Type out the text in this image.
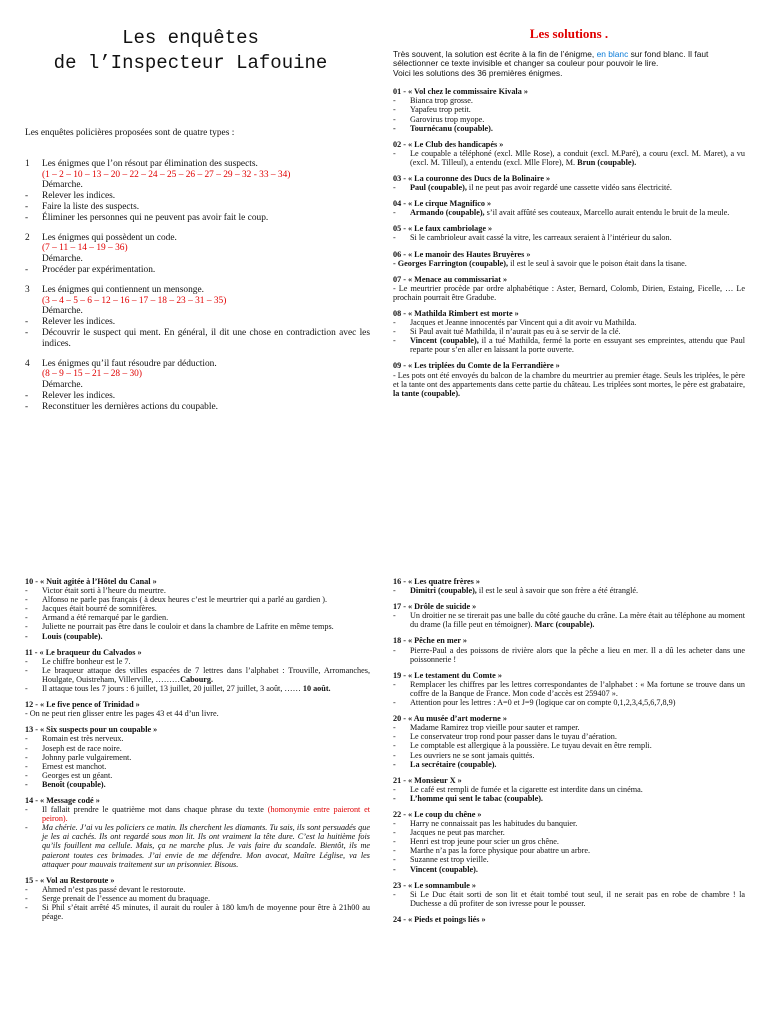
Les enquêtes
de l’Inspecteur Lafouine
Les enquêtes policières proposées sont de quatre types :
1	Les énigmes que l’on résout par élimination des suspects.
(1 – 2 – 10 – 13 – 20 – 22 – 24 – 25 – 26 – 27 – 29 – 32 - 33 – 34)
Démarche.
- Relever les indices.
- Faire la liste des suspects.
- Éliminer les personnes qui ne peuvent pas avoir fait le coup.
2	Les énigmes qui possèdent un code.
(7 – 11 – 14 – 19 – 36)
Démarche.
- Procéder par expérimentation.
3	Les énigmes qui contiennent un mensonge.
(3 – 4 – 5 – 6 – 12 – 16 – 17 – 18 – 23 – 31 – 35)
Démarche.
- Relever les indices.
- Découvrir le suspect qui ment. En général, il dit une chose en contradiction avec les indices.
4	Les énigmes qu’il faut résoudre par déduction.
(8 – 9 – 15 – 21 – 28 – 30)
Démarche.
- Relever les indices.
- Reconstituer les dernières actions du coupable.
Les solutions .
Très souvent, la solution est écrite à la fin de l’énigme, en blanc sur fond blanc. Il faut sélectionner ce texte invisible et changer sa couleur pour pouvoir le lire.
Voici les solutions des 36 premières énigmes.
01 - « Vol chez le commissaire Kivala »
- Bianca trop grosse.
- Yapafeu trop petit.
- Garovirus trop myope.
- Tournécanu (coupable).
02 - « Le Club des handicapés »
- Le coupable a téléphoné (excl. Mlle Rose), a conduit (excl. M.Paré), a couru (excl. M. Maret), a vu (excl. M. Tilleul), a entendu (excl. Mlle Flore), M. Brun (coupable).
03 - « La couronne des Ducs de la Bolinaire »
- Paul (coupable), il ne peut pas avoir regardé une cassette vidéo sans électricité.
04 - « Le cirque Magnifico »
- Armando (coupable), s’il avait affûté ses couteaux, Marcello aurait entendu le bruit de la meule.
05 - « Le faux cambriolage »
- Si le cambrioleur avait cassé la vitre, les carreaux seraient à l’intérieur du salon.
06 - « Le manoir des Hautes Bruyères »

- Georges Farrington (coupable), il est le seul à savoir que le poison était dans la tisane.

07 - « Menace au commissariat »

- Le meurtrier procède par ordre alphabétique : Aster, Bernard, Colomb, Dirien, Estaing, Ficelle, … Le prochain pourrait être Gradube.

08 - « Mathilda Rimbert est morte »
- Jacques et Jeanne innocentés par Vincent qui a dit avoir vu Mathilda.
- Si Paul avait tué Mathilda, il n’aurait pas eu à se servir de la clé.
- Vincent (coupable), il a tué Mathilda, fermé la porte en essuyant ses empreintes, attendu que Paul reparte pour s’en aller en laissant la porte ouverte.
09 - « Les triplées du Comte de la Ferrandière »

- Les pots ont été envoyés du balcon de la chambre du meurtrier au premier étage. Seuls les triplées, le père et la tante ont des appartements dans cette partie du château. Les triplées sont mortes, le père est grabataire, la tante (coupable).

10 - « Nuit agitée à l’Hôtel du Canal »
- Victor était sorti à l’heure du meurtre.
- Alfonso ne parle pas français ( à deux heures c’est le meurtrier qui a parlé au gardien ).
- Jacques était bourré de somnifères.
- Armand a été remarqué par le gardien.
- Juliette ne pourrait pas être dans le couloir et dans la chambre de Lafrite en même temps.
- Louis (coupable).
11 - « Le braqueur du Calvados »
- Le chiffre bonheur est le 7.
- Le braqueur attaque des villes espacées de 7 lettres dans l’alphabet : Trouville, Arromanches, Houlgate, Ouistreham, Villerville, ………Cabourg.
- Il attaque tous les 7 jours : 6 juillet, 13 juillet, 20 juillet, 27 juillet, 3 août, …… 10 août.
12 - « Le five pence of Trinidad »

- On ne peut rien glisser entre les pages 43 et 44 d’un livre.

13 - « Six suspects pour un coupable »
- Romain est très nerveux.
- Joseph est de race noire.
- Johnny parle vulgairement.
- Ernest est manchot.
- Georges est un géant.
- Benoît (coupable).
14 - « Message codé »
- Il fallait prendre le quatrième mot dans chaque phrase du texte (homonymie entre paieront et peiron).
- Ma chérie. J’ai vu les policiers ce matin. Ils cherchent les diamants. Tu sais, ils sont persuadés que je les ai cachés. Ils ont regardé sous mon lit. Ils ont vraiment la tête dure. C’est la huitième fois qu’ils fouillent ma cellule. Mais, ça ne marche plus. Je vais faire du scandale. Bientôt, ils me paieront toutes ces brimades. J’ai envie de me défendre. Mon avocat, Maître Léglise, va les attaquer pour mauvais traitement sur un prisonnier. Bisous.
15 - « Vol au Restoroute »
- Ahmed n’est pas passé devant le restoroute.
- Serge prenait de l’essence au moment du braquage.
- Si Phil s’était arrêté 45 minutes, il aurait du rouler à 180 km/h de moyenne pour être à 21h00 au péage.
16 - « Les quatre frères »
- Dimitri (coupable), il est le seul à savoir que son frère a été étranglé.
17 - « Drôle de suicide »
- Un droitier ne se tirerait pas une balle du côté gauche du crâne. La mère était au téléphone au moment du drame (la fille peut en témoigner). Marc (coupable).
18 - « Pêche en mer »
- Pierre-Paul a des poissons de rivière alors que la pêche a lieu en mer. Il a dû les acheter dans une poissonnerie !
19 - « Le testament du Comte »
- Remplacer les chiffres par les lettres correspondantes de l’alphabet : « Ma fortune se trouve dans un coffre de la Banque de France. Mon code d’accès est 259407 ».
- Attention pour les lettres : A=0 et J=9 (logique car on compte 0,1,2,3,4,5,6,7,8,9)
20 - « Au musée d’art moderne »
- Madame Ramirez trop vieille pour sauter et ramper.
- Le conservateur trop rond pour passer dans le tuyau d’aération.
- Le comptable est allergique à la poussière. Le tuyau devait en être rempli.
- Les ouvriers ne se sont jamais quittés.
- La secrétaire (coupable).
21 - « Monsieur X »
- Le café est rempli de fumée et la cigarette est interdite dans un cinéma.
- L’homme qui sent le tabac (coupable).
22 - « Le coup du chêne »
- Harry ne connaissait pas les habitudes du banquier.
- Jacques ne peut pas marcher.
- Henri est trop jeune pour scier un gros chêne.
- Marthe n’a pas la force physique pour abattre un arbre.
- Suzanne est trop vieille.
- Vincent (coupable).
23 - « Le somnambule »
- Si Le Duc était sorti de son lit et était tombé tout seul, il ne serait pas en robe de chambre ! la Duchesse a dû profiter de son ivresse pour le pousser.
24 - « Pieds et poings liés »
